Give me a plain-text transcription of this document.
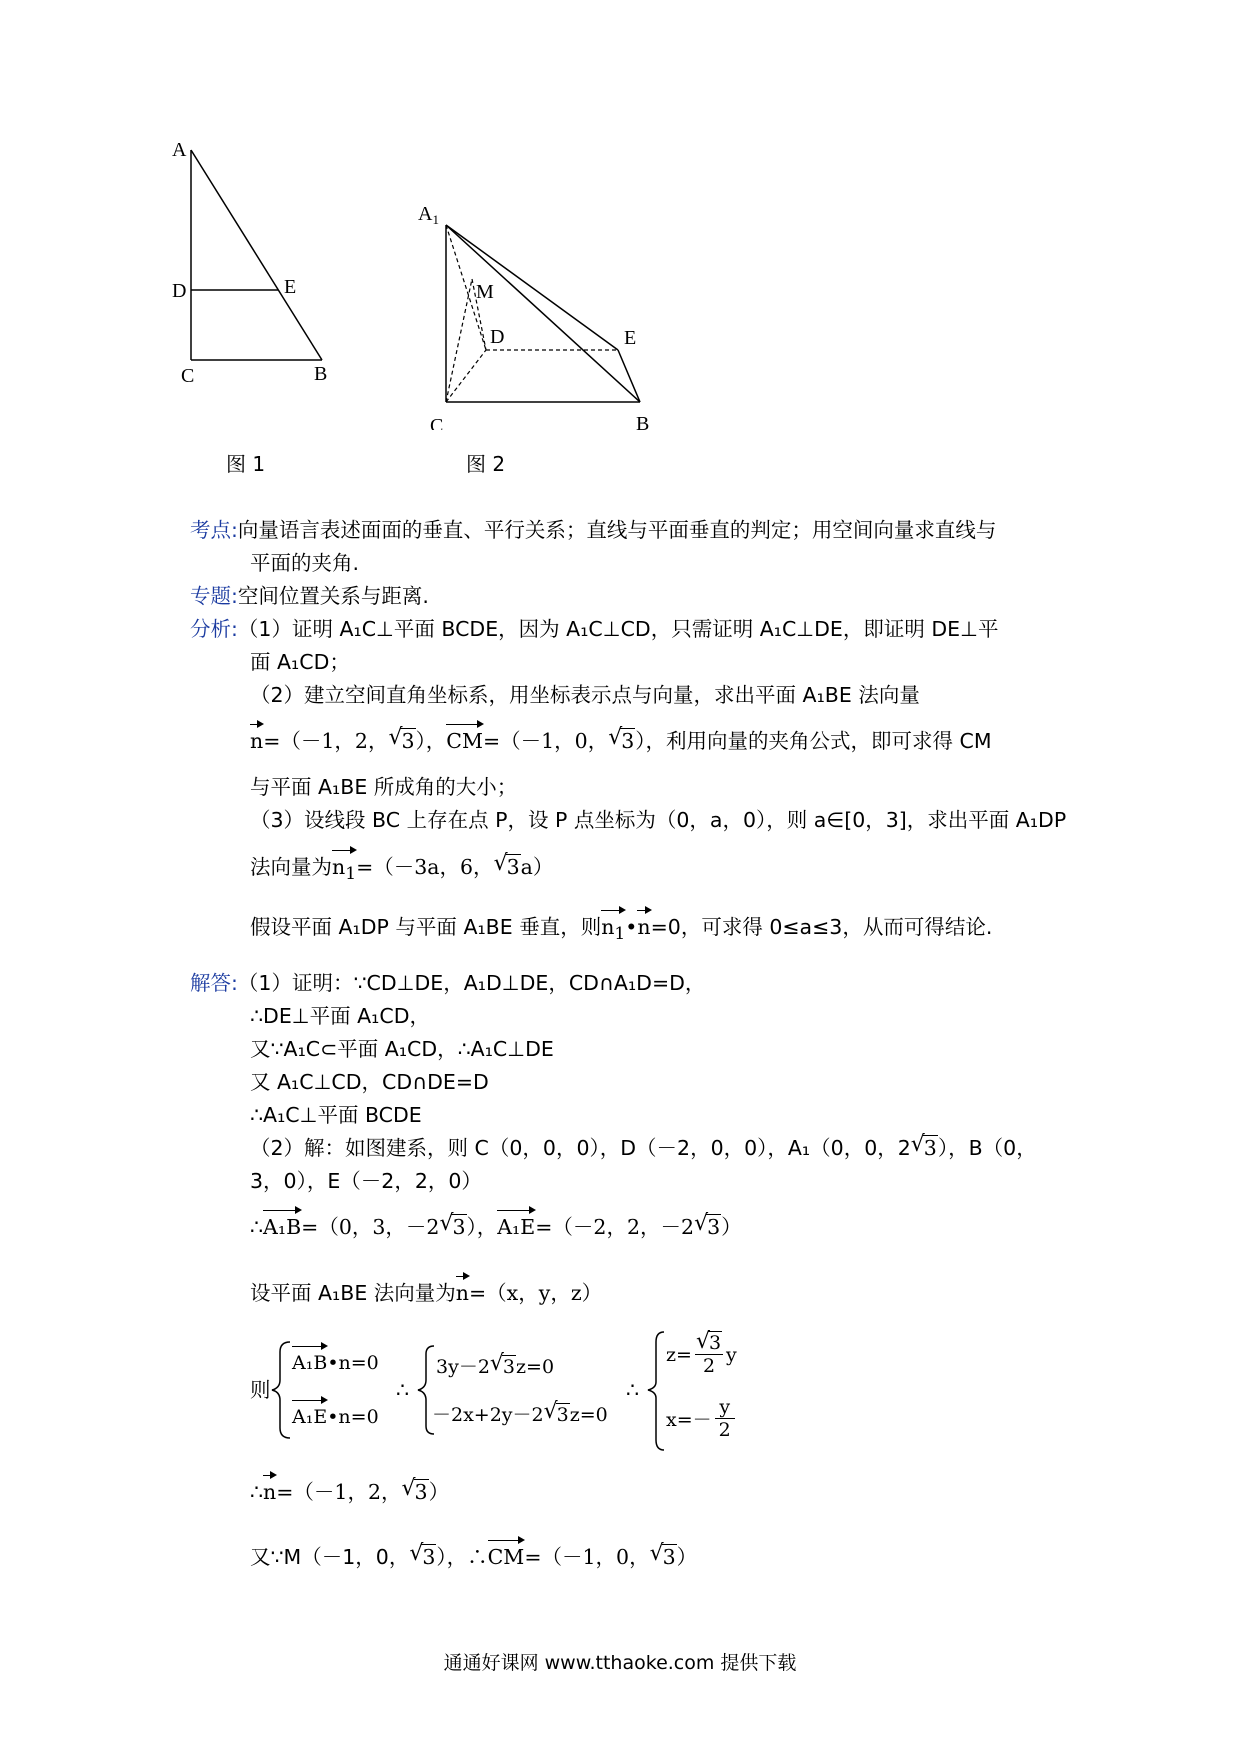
A
D	E
C	B
图 1
$A_1$
M
D	E
C	B
图 2
考点:向量语言表述面面的垂直、平行关系；直线与平面垂直的判定；用空间向量求直线与
平面的夹角.
专题:空间位置关系与距离.
分析:（1）证明 A₁C⊥平面 BCDE，因为 A₁C⊥CD，只需证明 A₁C⊥DE，即证明 DE⊥平
面 A₁CD；
（2）建立空间直角坐标系，用坐标表示点与向量，求出平面 A₁BE 法向量
n=（－1，2， √ 3），CM=（－1，0， √ 3），利用向量的夹角公式，即可求得 CM
与平面 A₁BE 所成角的大小；
（3）设线段 BC 上存在点 P，设 P 点坐标为（0，a，0），则 a∈[0，3]，求出平面 A₁DP
法向量为$n_1=(-3a$，6， √ 3a）
假设平面 A₁DP 与平面 A₁BE 垂直，则$n_1•n=0$，可求得 0≤a≤3，从而可得结论.
解答:（1）证明：∵CD⊥DE，A₁D⊥DE，CD∩A₁D=D，
∴DE⊥平面 A₁CD，
又∵A₁C⊂平面 A₁CD，∴A₁C⊥DE
又 A₁C⊥CD，CD∩DE=D
∴A₁C⊥平面 BCDE
（2）解：如图建系，则 C（0，0，0），D（－2，0，0），A₁（0，0，2 √ 3），B（0，
3，0），E（－2，2，0）
∴A₁B=（0，3，－2 √ 3），A₁E=（－2，2，－2 √ 3）
设平面 A₁BE 法向量为n=（x，y，z）
则
A₁B•n=0
A₁E•n=0
∴
3y－2 √ 3z=0
－2x+2y－2 √ 3z=0
∴
z= √ $\frac{3}{2}$ y
$x=- \frac{y}{2}$
∴n=（－1，2， √ 3）
又∵M（－1，0， √ 3），∴CM=（－1，0， √ 3）
通通好课网 www.tthaoke.com 提供下载
